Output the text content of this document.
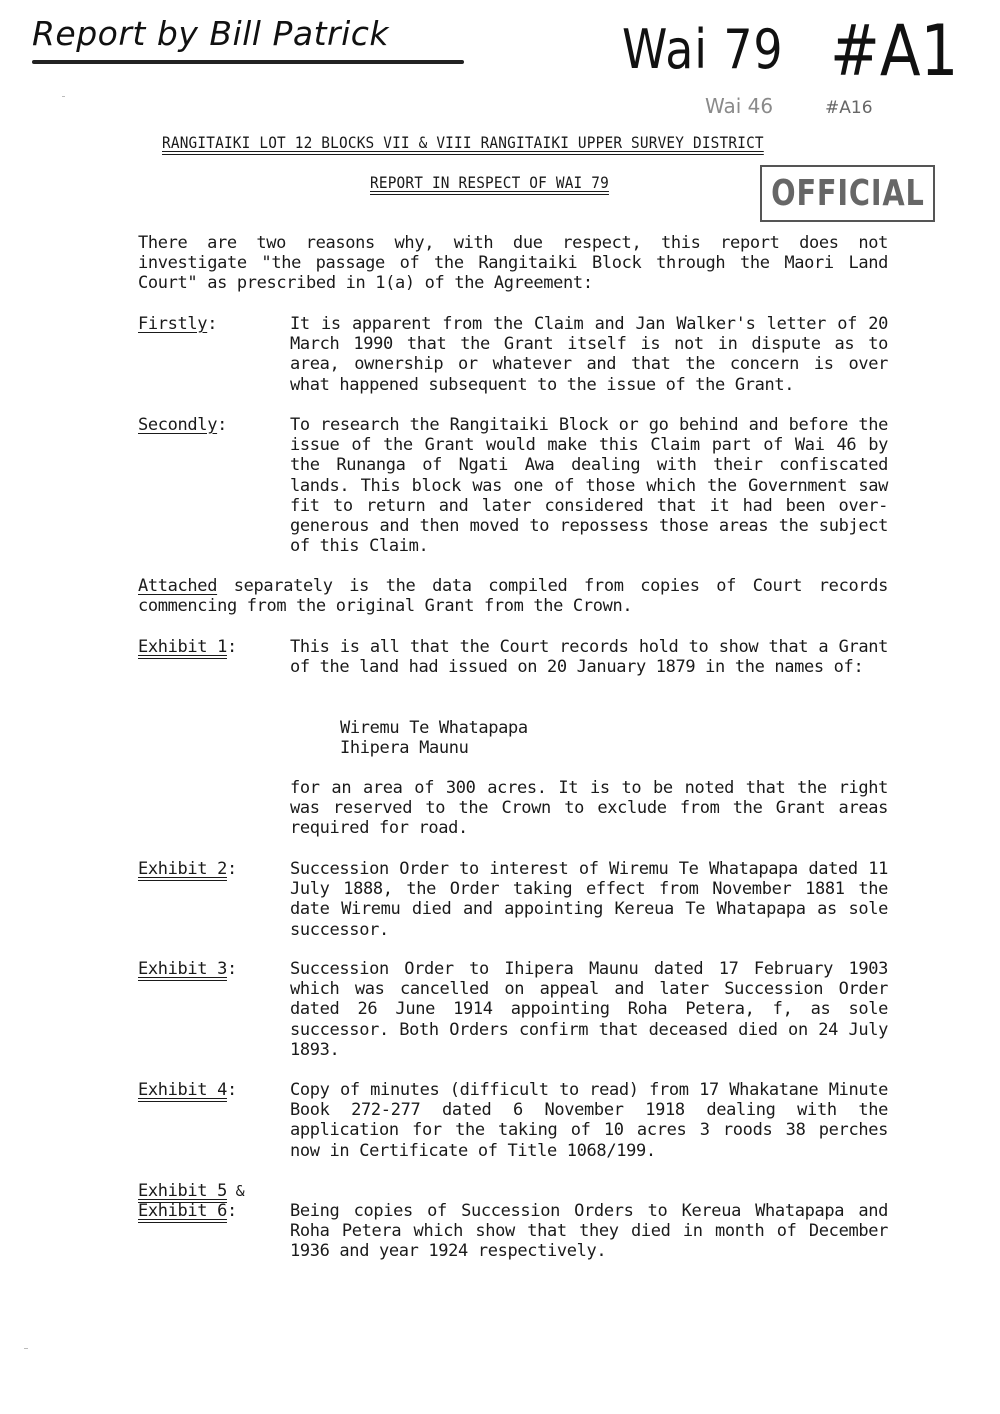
Report by Bill Patrick	Wai 79 #A1
Wai 46	#A16
RANGITAIKI LOT 12 BLOCKS VII & VIII RANGITAIKI UPPER SURVEY DISTRICT
REPORT IN RESPECT OF WAI 79	OFFICIAL
There are two reasons why, with due respect, this report does not investigate "the passage of the Rangitaiki Block through the Maori Land Court" as prescribed in 1(a) of the Agreement:
Firstly:	It is apparent from the Claim and Jan Walker's letter of 20 March 1990 that the Grant itself is not in dispute as to area, ownership or whatever and that the concern is over what happened subsequent to the issue of the Grant.
Secondly:	To research the Rangitaiki Block or go behind and before the issue of the Grant would make this Claim part of Wai 46 by the Runanga of Ngati Awa dealing with their confiscated lands. This block was one of those which the Government saw fit to return and later considered that it had been over-generous and then moved to repossess those areas the subject of this Claim.
Attached separately is the data compiled from copies of Court records commencing from the original Grant from the Crown.
Exhibit 1:	This is all that the Court records hold to show that a Grant of the land had issued on 20 January 1879 in the names of:
Wiremu Te Whatapapa
Ihipera Maunu
for an area of 300 acres. It is to be noted that the right was reserved to the Crown to exclude from the Grant areas required for road.
Exhibit 2:	Succession Order to interest of Wiremu Te Whatapapa dated 11 July 1888, the Order taking effect from November 1881 the date Wiremu died and appointing Kereua Te Whatapapa as sole successor.
Exhibit 3:	Succession Order to Ihipera Maunu dated 17 February 1903 which was cancelled on appeal and later Succession Order dated 26 June 1914 appointing Roha Petera, f, as sole successor. Both Orders confirm that deceased died on 24 July 1893.
Exhibit 4:	Copy of minutes (difficult to read) from 17 Whakatane Minute Book 272-277 dated 6 November 1918 dealing with the application for the taking of 10 acres 3 roods 38 perches now in Certificate of Title 1068/199.
Exhibit 5 &
Exhibit 6:	Being copies of Succession Orders to Kereua Whatapapa and Roha Petera which show that they died in month of December 1936 and year 1924 respectively.
